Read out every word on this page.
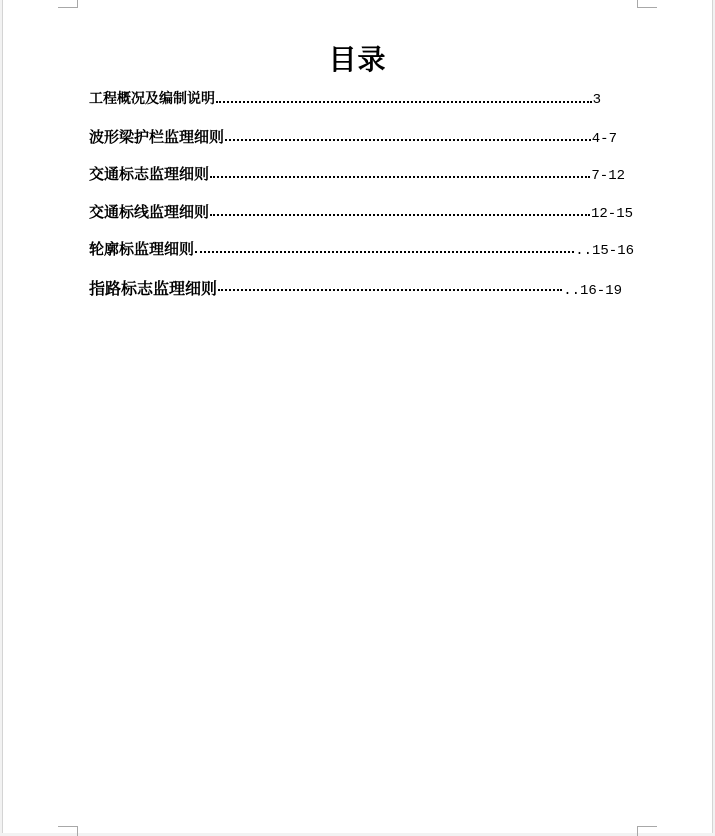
目录
工程概况及编制说明	3
波形梁护栏监理细则	4-7
交通标志监理细则	7-12
交通标线监理细则	12-15
轮廓标监理细则	..15-16
指路标志监理细则	..16-19
